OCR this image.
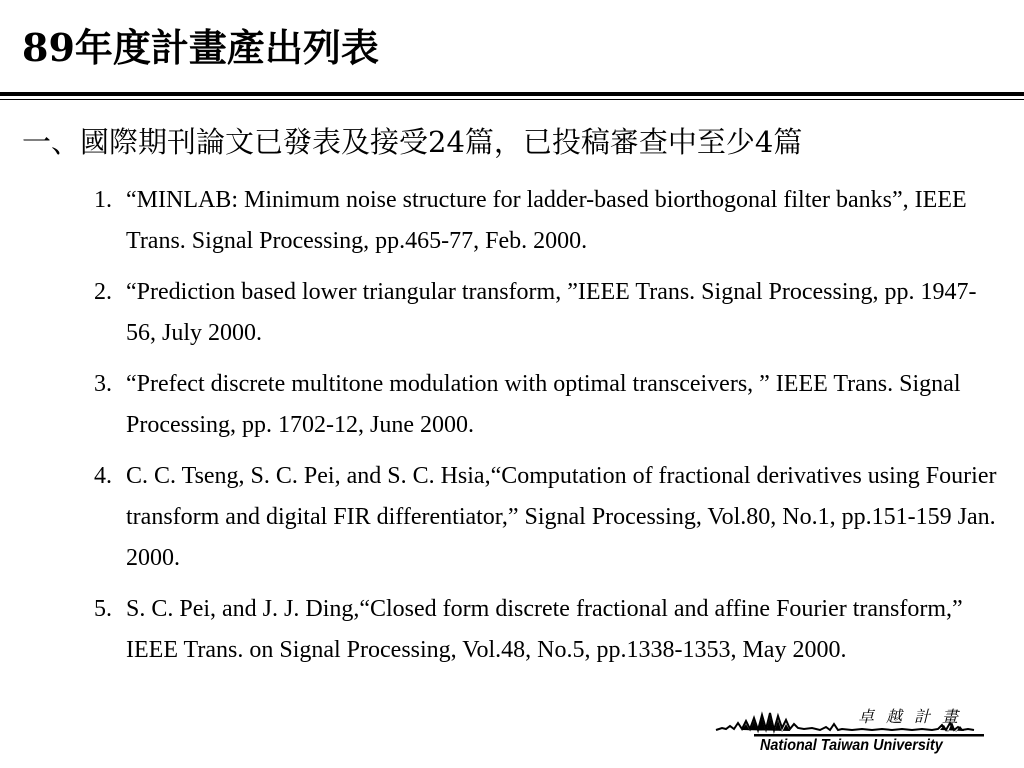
89年度計畫產出列表
一、國際期刊論文已發表及接受24篇，已投稿審查中至少4篇
1. “MINLAB: Minimum noise structure for ladder-based biorthogonal filter banks”, IEEE Trans. Signal Processing, pp.465-77, Feb. 2000.
2. “Prediction based lower triangular transform, ”IEEE Trans. Signal Processing, pp. 1947-56, July 2000.
3. “Prefect discrete multitone modulation with optimal transceivers, ” IEEE Trans. Signal Processing, pp. 1702-12, June 2000.
4. C. C. Tseng, S. C. Pei, and S. C. Hsia,“Computation of fractional derivatives using Fourier transform and digital FIR differentiator,” Signal Processing, Vol.80, No.1, pp.151-159 Jan. 2000.
5. S. C. Pei, and J. J. Ding,“Closed form discrete fractional and affine Fourier transform,” IEEE Trans. on Signal Processing, Vol.48, No.5, pp.1338-1353, May 2000.
卓越計畫
National Taiwan University
